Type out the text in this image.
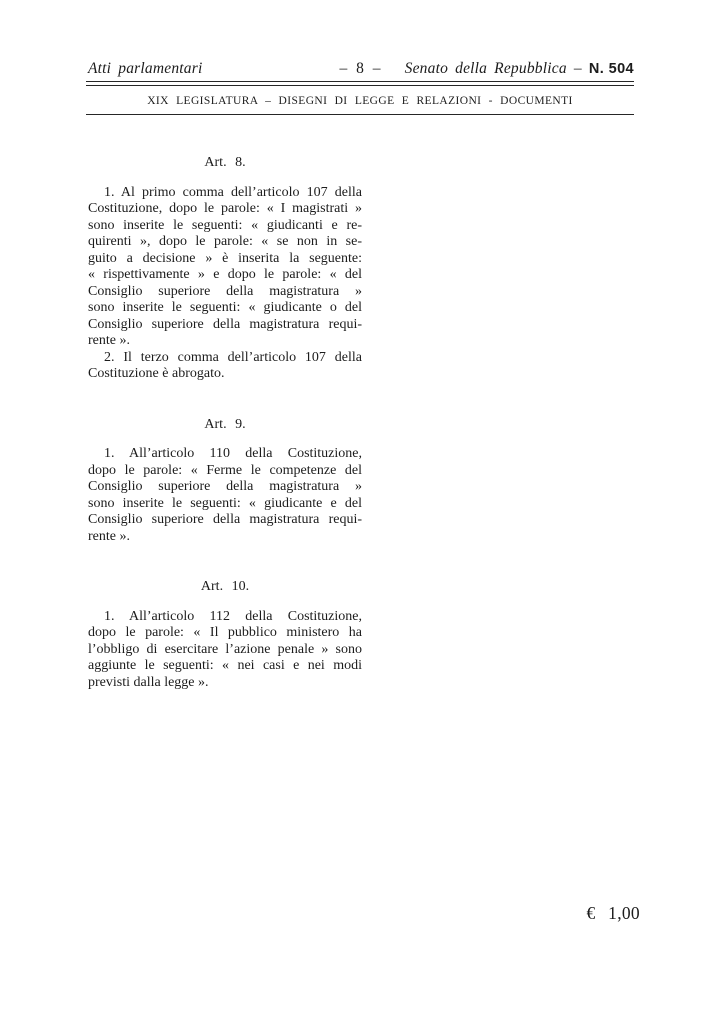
Atti parlamentari	– 8 –	Senato della Repubblica – N. 504
XIX LEGISLATURA – DISEGNI DI LEGGE E RELAZIONI - DOCUMENTI
Art. 8.
1. Al primo comma dell’articolo 107 della
Costituzione, dopo le parole: « I magistrati »
sono inserite le seguenti: « giudicanti e re-
quirenti », dopo le parole: « se non in se-
guito a decisione » è inserita la seguente:
« rispettivamente » e dopo le parole: « del
Consiglio superiore della magistratura »
sono inserite le seguenti: « giudicante o del
Consiglio superiore della magistratura requi-
rente ».
2. Il terzo comma dell’articolo 107 della
Costituzione è abrogato.
Art. 9.
1. All’articolo 110 della Costituzione,
dopo le parole: « Ferme le competenze del
Consiglio superiore della magistratura »
sono inserite le seguenti: « giudicante e del
Consiglio superiore della magistratura requi-
rente ».
Art. 10.
1. All’articolo 112 della Costituzione,
dopo le parole: « Il pubblico ministero ha
l’obbligo di esercitare l’azione penale » sono
aggiunte le seguenti: « nei casi e nei modi
previsti dalla legge ».
€ 1,00
